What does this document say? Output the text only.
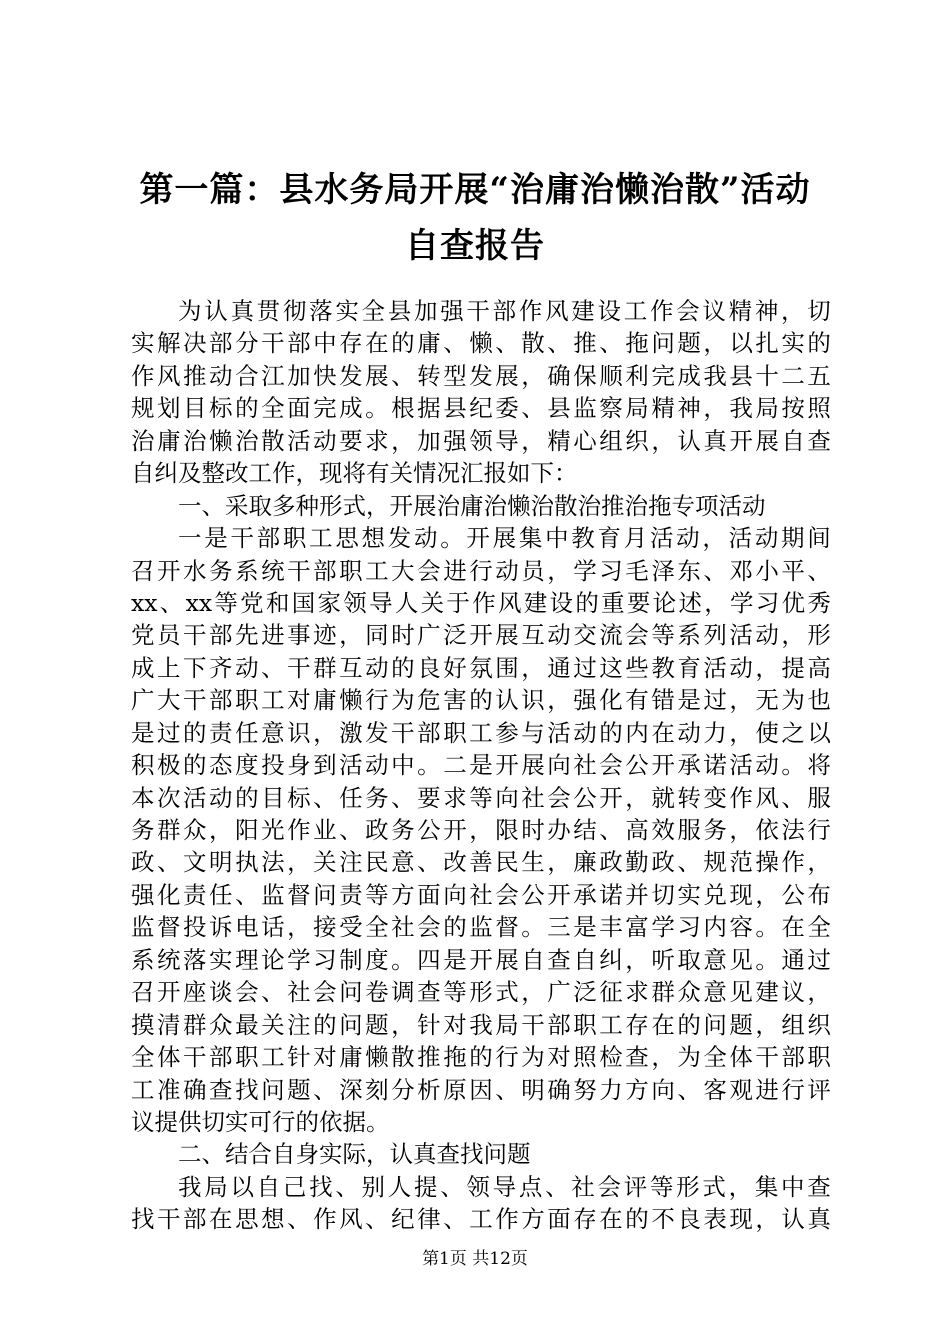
第一篇：县水务局开展“治庸治懒治散”活动
自查报告
为 认 真 贯 彻 落 实 全 县 加 强 干 部 作 风 建 设 工 作 会 议 精 神 ， 切
实 解 决 部 分 干 部 中 存 在 的 庸 、 懒 、 散 、 推 、 拖 问 题 ， 以 扎 实 的
作 风 推 动 合 江 加 快 发 展 、 转 型 发 展 ， 确 保 顺 利 完 成 我 县 十 二 五
规 划 目 标 的 全 面 完 成 。 根 据 县 纪 委 、 县 监 察 局 精 神 ， 我 局 按 照
治 庸 治 懒 治 散 活 动 要 求 ， 加 强 领 导 ， 精 心 组 织 ， 认 真 开 展 自 查
自纠及整改工作，现将有关情况汇报如下：
一、采取多种形式，开展治庸治懒治散治推治拖专项活动
一 是 干 部 职 工 思 想 发 动 。 开 展 集 中 教 育 月 活 动 ， 活 动 期 间
召 开 水 务 系 统 干 部 职 工 大 会 进 行 动 员 ， 学 习 毛 泽 东 、 邓 小 平 、
xx 、 xx 等 党 和 国 家 领 导 人 关 于 作 风 建 设 的 重 要 论 述 ， 学 习 优 秀
党 员 干 部 先 进 事 迹 ， 同 时 广 泛 开 展 互 动 交 流 会 等 系 列 活 动 ， 形
成 上 下 齐 动 、 干 群 互 动 的 良 好 氛 围 ， 通 过 这 些 教 育 活 动 ， 提 高
广 大 干 部 职 工 对 庸 懒 行 为 危 害 的 认 识 ， 强 化 有 错 是 过 ， 无 为 也
是 过 的 责 任 意 识 ， 激 发 干 部 职 工 参 与 活 动 的 内 在 动 力 ， 使 之 以
积 极 的 态 度 投 身 到 活 动 中 。 二 是 开 展 向 社 会 公 开 承 诺 活 动 。 将
本 次 活 动 的 目 标 、 任 务 、 要 求 等 向 社 会 公 开 ， 就 转 变 作 风 、 服
务 群 众 ， 阳 光 作 业 、 政 务 公 开 ， 限 时 办 结 、 高 效 服 务 ， 依 法 行
政 、 文 明 执 法 ， 关 注 民 意 、 改 善 民 生 ， 廉 政 勤 政 、 规 范 操 作 ，
强 化 责 任 、 监 督 问 责 等 方 面 向 社 会 公 开 承 诺 并 切 实 兑 现 ， 公 布
监 督 投 诉 电 话 ， 接 受 全 社 会 的 监 督 。 三 是 丰 富 学 习 内 容 。 在 全
系 统 落 实 理 论 学 习 制 度 。 四 是 开 展 自 查 自 纠 ， 听 取 意 见 。 通 过
召 开 座 谈 会 、 社 会 问 卷 调 查 等 形 式 ， 广 泛 征 求 群 众 意 见 建 议 ，
摸 清 群 众 最 关 注 的 问 题 ， 针 对 我 局 干 部 职 工 存 在 的 问 题 ， 组 织
全 体 干 部 职 工 针 对 庸 懒 散 推 拖 的 行 为 对 照 检 查 ， 为 全 体 干 部 职
工 准 确 查 找 问 题 、 深 刻 分 析 原 因 、 明 确 努 力 方 向 、 客 观 进 行 评
议提供切实可行的依据。
二、结合自身实际，认真查找问题
我 局 以 自 己 找 、 别 人 提 、 领 导 点 、 社 会 评 等 形 式 ， 集 中 查
找 干 部 在 思 想 、 作 风 、 纪 律 、 工 作 方 面 存 在 的 不 良 表 现 ， 认 真
第1页 共12页
